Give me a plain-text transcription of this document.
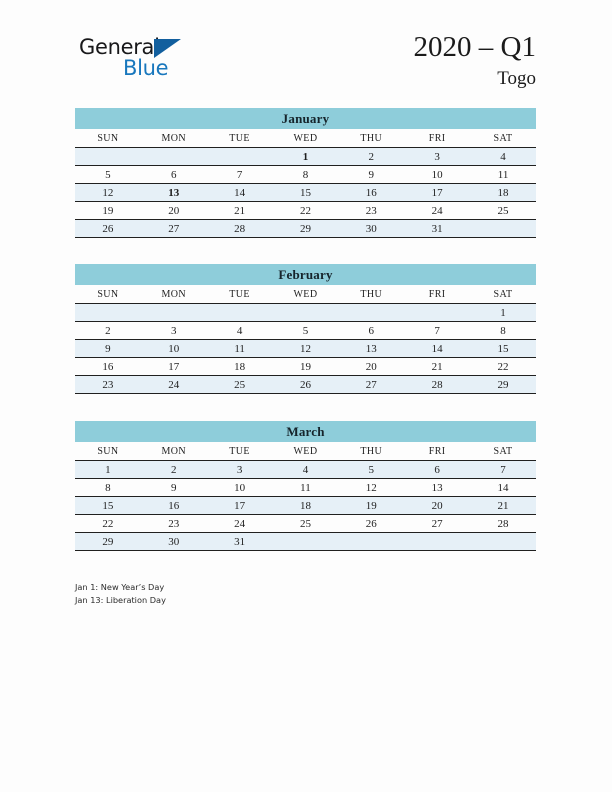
General
Blue
2020 – Q1
Togo
January
SUN	MON	TUE	WED	THU	FRI	SAT
			1	2	3	4
5	6	7	8	9	10	11
12	13	14	15	16	17	18
19	20	21	22	23	24	25
26	27	28	29	30	31	
February
SUN	MON	TUE	WED	THU	FRI	SAT
						1
2	3	4	5	6	7	8
9	10	11	12	13	14	15
16	17	18	19	20	21	22
23	24	25	26	27	28	29
March
SUN	MON	TUE	WED	THU	FRI	SAT
1	2	3	4	5	6	7
8	9	10	11	12	13	14
15	16	17	18	19	20	21
22	23	24	25	26	27	28
29	30	31				
Jan 1: New Year’s Day
Jan 13: Liberation Day
